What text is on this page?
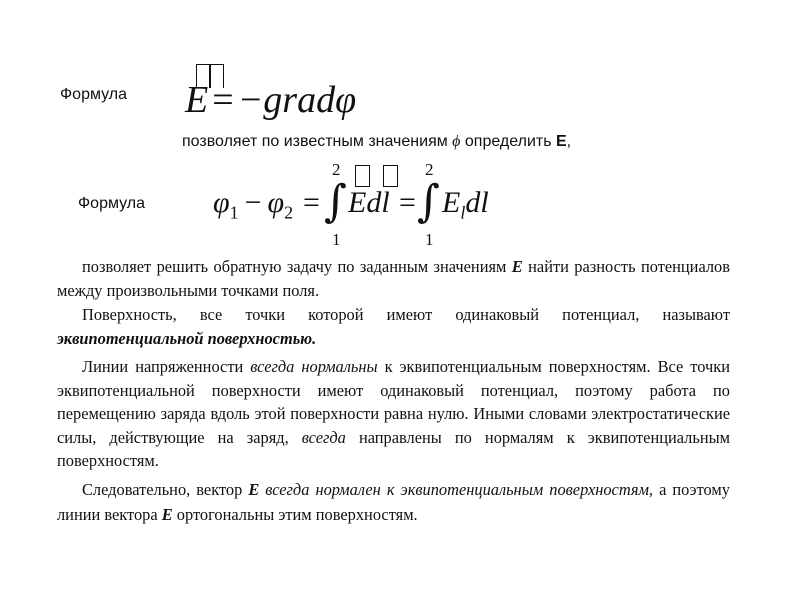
Формула E = −gradφ
позволяет по известным значениям ϕ определить E,
Формула $\varphi_1 - \varphi_2$ =
2
∫
1
Edl =
2
∫
1
$E_ldl$
позволяет решить обратную задачу по заданным значениям E найти разность потенциалов между произвольными точками поля.
Поверхность, все точки которой имеют одинаковый потенциал, называют эквипотенциальной поверхностью.
Линии напряженности всегда нормальны к эквипотенциальным поверхностям. Все точки эквипотенциальной поверхности имеют одинаковый потенциал, поэтому работа по перемещению заряда вдоль этой поверхности равна нулю. Иными словами электростатические силы, действующие на заряд, всегда направлены по нормалям к эквипотенциальным поверхностям.
Следовательно, вектор E всегда нормален к эквипотенциальным поверхностям, а поэтому линии вектора E ортогональны этим поверхностям.
